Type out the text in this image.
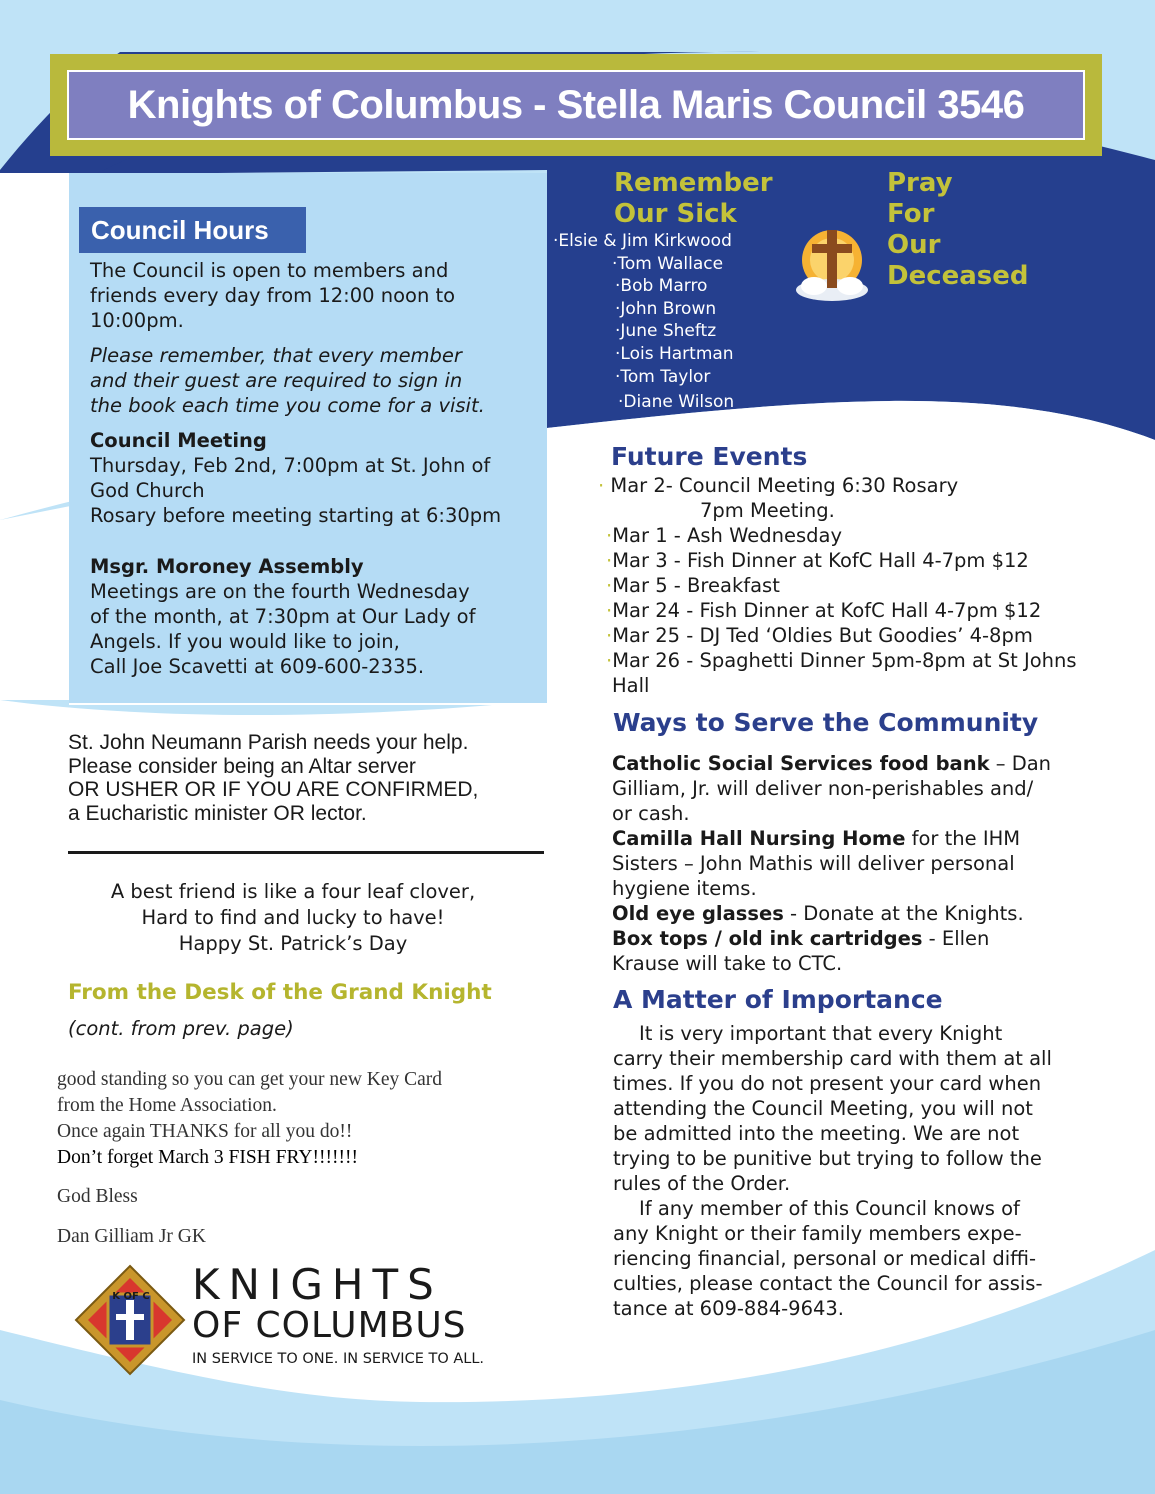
Knights of Columbus - Stella Maris Council 3546
Council Hours

The Council is open to members and

friends every day from 12:00 noon to

10:00pm.

Please remember, that every member

and their guest are required to sign in

the book each time you come for a visit.

Council Meeting

Thursday, Feb 2nd, 7:00pm at St. John of

God Church

Rosary before meeting starting at 6:30pm

Msgr. Moroney Assembly

Meetings are on the fourth Wednesday

of the month, at 7:30pm at Our Lady of

Angels. If you would like to join,

Call Joe Scavetti at 609-600-2335.

Remember
Our Sick
·Elsie & Jim Kirkwood
·Tom Wallace
·Bob Marro
·John Brown
·June Sheftz
·Lois Hartman
·Tom Taylor
·Diane Wilson
Pray
For
Our
Deceased

St. John Neumann Parish needs your help.

Please consider being an Altar server

OR USHER OR IF YOU ARE CONFIRMED,

a Eucharistic minister OR lector.

A best friend is like a four leaf clover,

Hard to find and lucky to have!

Happy St. Patrick’s Day

From the Desk of the Grand Knight
(cont. from prev. page)

good standing so you can get your new Key Card

from the Home Association.

Once again THANKS for all you do!!

Don’t forget March 3 FISH FRY!!!!!!!

God Bless

Dan Gilliam Jr GK

K OF C	KNIGHTS
OF COLUMBUS
IN SERVICE TO ONE. IN SERVICE TO ALL.
Future Events
· Mar 2- Council Meeting 6:30 Rosary
7pm Meeting.
·Mar 1 - Ash Wednesday
·Mar 3 - Fish Dinner at KofC Hall 4-7pm $12
·Mar 5 - Breakfast
·Mar 24 - Fish Dinner at KofC Hall 4-7pm $12
·Mar 25 - DJ Ted ‘Oldies But Goodies’ 4-8pm
·Mar 26 - Spaghetti Dinner 5pm-8pm at St Johns
Hall
Ways to Serve the Community

Catholic Social Services food bank – Dan

Gilliam, Jr. will deliver non-perishables and/

or cash.

Camilla Hall Nursing Home for the IHM

Sisters – John Mathis will deliver personal

hygiene items.

Old eye glasses - Donate at the Knights.

Box tops / old ink cartridges - Ellen

Krause will take to CTC.

A Matter of Importance

It is very important that every Knight

carry their membership card with them at all

times. If you do not present your card when

attending the Council Meeting, you will not

be admitted into the meeting. We are not

trying to be punitive but trying to follow the

rules of the Order.

If any member of this Council knows of

any Knight or their family members expe-

riencing financial, personal or medical diffi-

culties, please contact the Council for assis-

tance at 609-884-9643.
